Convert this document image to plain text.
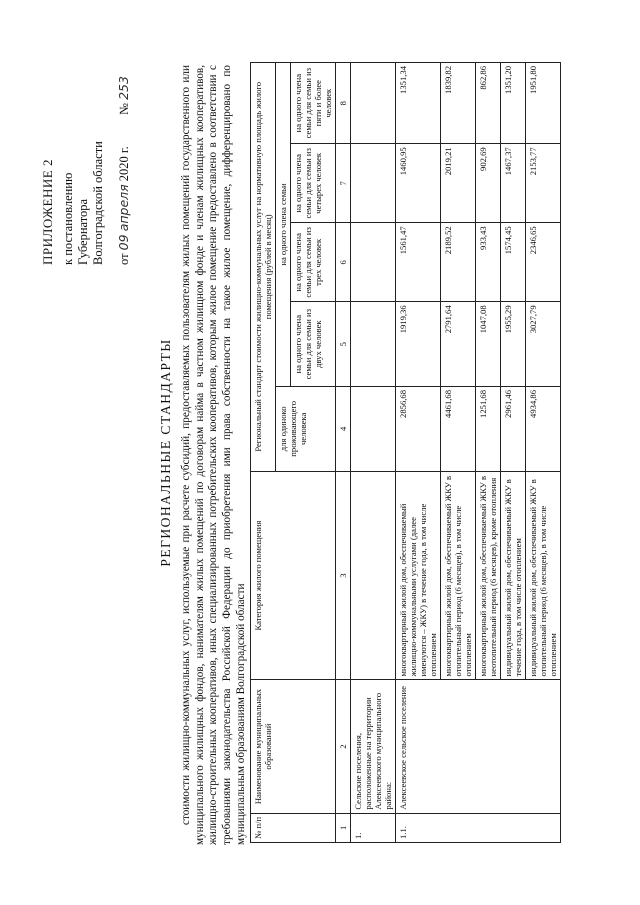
ПРИЛОЖЕНИЕ 2 к постановлению Губернатора Волгоградской области от 09 апреля 2020 г.          № 253
РЕГИОНАЛЬНЫЕ СТАНДАРТЫ стоимости жилищно-коммунальных услуг, используемые при расчете субсидий, предоставляемых пользователям жилых помещений государственного или муниципального жилищных фондов, нанимателям жилых помещений по договорам найма в частном жилищном фонде и членам жилищных кооперативов, жилищно-строительных кооперативов, иных специализированных потребительских кооперативов, которым жилое помещение предоставлено в соответствии с требованиями законодательства Российской Федерации до приобретения ими права собственности на такое жилое помещение, дифференцировано по муниципальным образованиям Волгоградской области № п/п	Наименование муниципальных образований	Категория жилого помещения	Региональный стандарт стоимости жилищно-коммунальных услуг на нормативную площадь жилого помещения (рублей в месяц)				
			для одиноко проживающего человека	на одного члена семьи			
				на одного члена семьи для семьи из двух человек	на одного члена семьи для семьи из трех человек	на одного члена семьи для семьи из четырех человек	на одного члена семьи для семьи из пяти и более человек
1	2	3	4	5	6	7	8
1.	Сельские поселения, расположенные на территории Алексеевского муниципального района:						
1.1.	Алексеевское сельское поселение	многоквартирный жилой дом, обеспечиваемый жилищно-коммунальными услугами (далее именуются – ЖКУ) в течение года, в том числе отоплением	2856,68	1919,36	1561,47	1460,95	1351,34
		многоквартирный жилой дом, обеспечиваемый ЖКУ в отопительный период (6 месяцев), в том числе отоплением	4461,68	2791,64	2189,52	2019,21	1839,82
		многоквартирный жилой дом, обеспечиваемый ЖКУ в неотопительный период (6 месяцев), кроме отопления	1251,68	1047,08	933,43	902,69	862,86
		индивидуальный жилой дом, обеспечиваемый ЖКУ в течение года, в том числе отоплением	2961,46	1955,29	1574,45	1467,37	1351,20
		индивидуальный жилой дом, обеспечиваемый ЖКУ в отопительный период (6 месяцев), в том числе отоплением	4934,86	3027,79	2346,65	2153,77	1951,80
